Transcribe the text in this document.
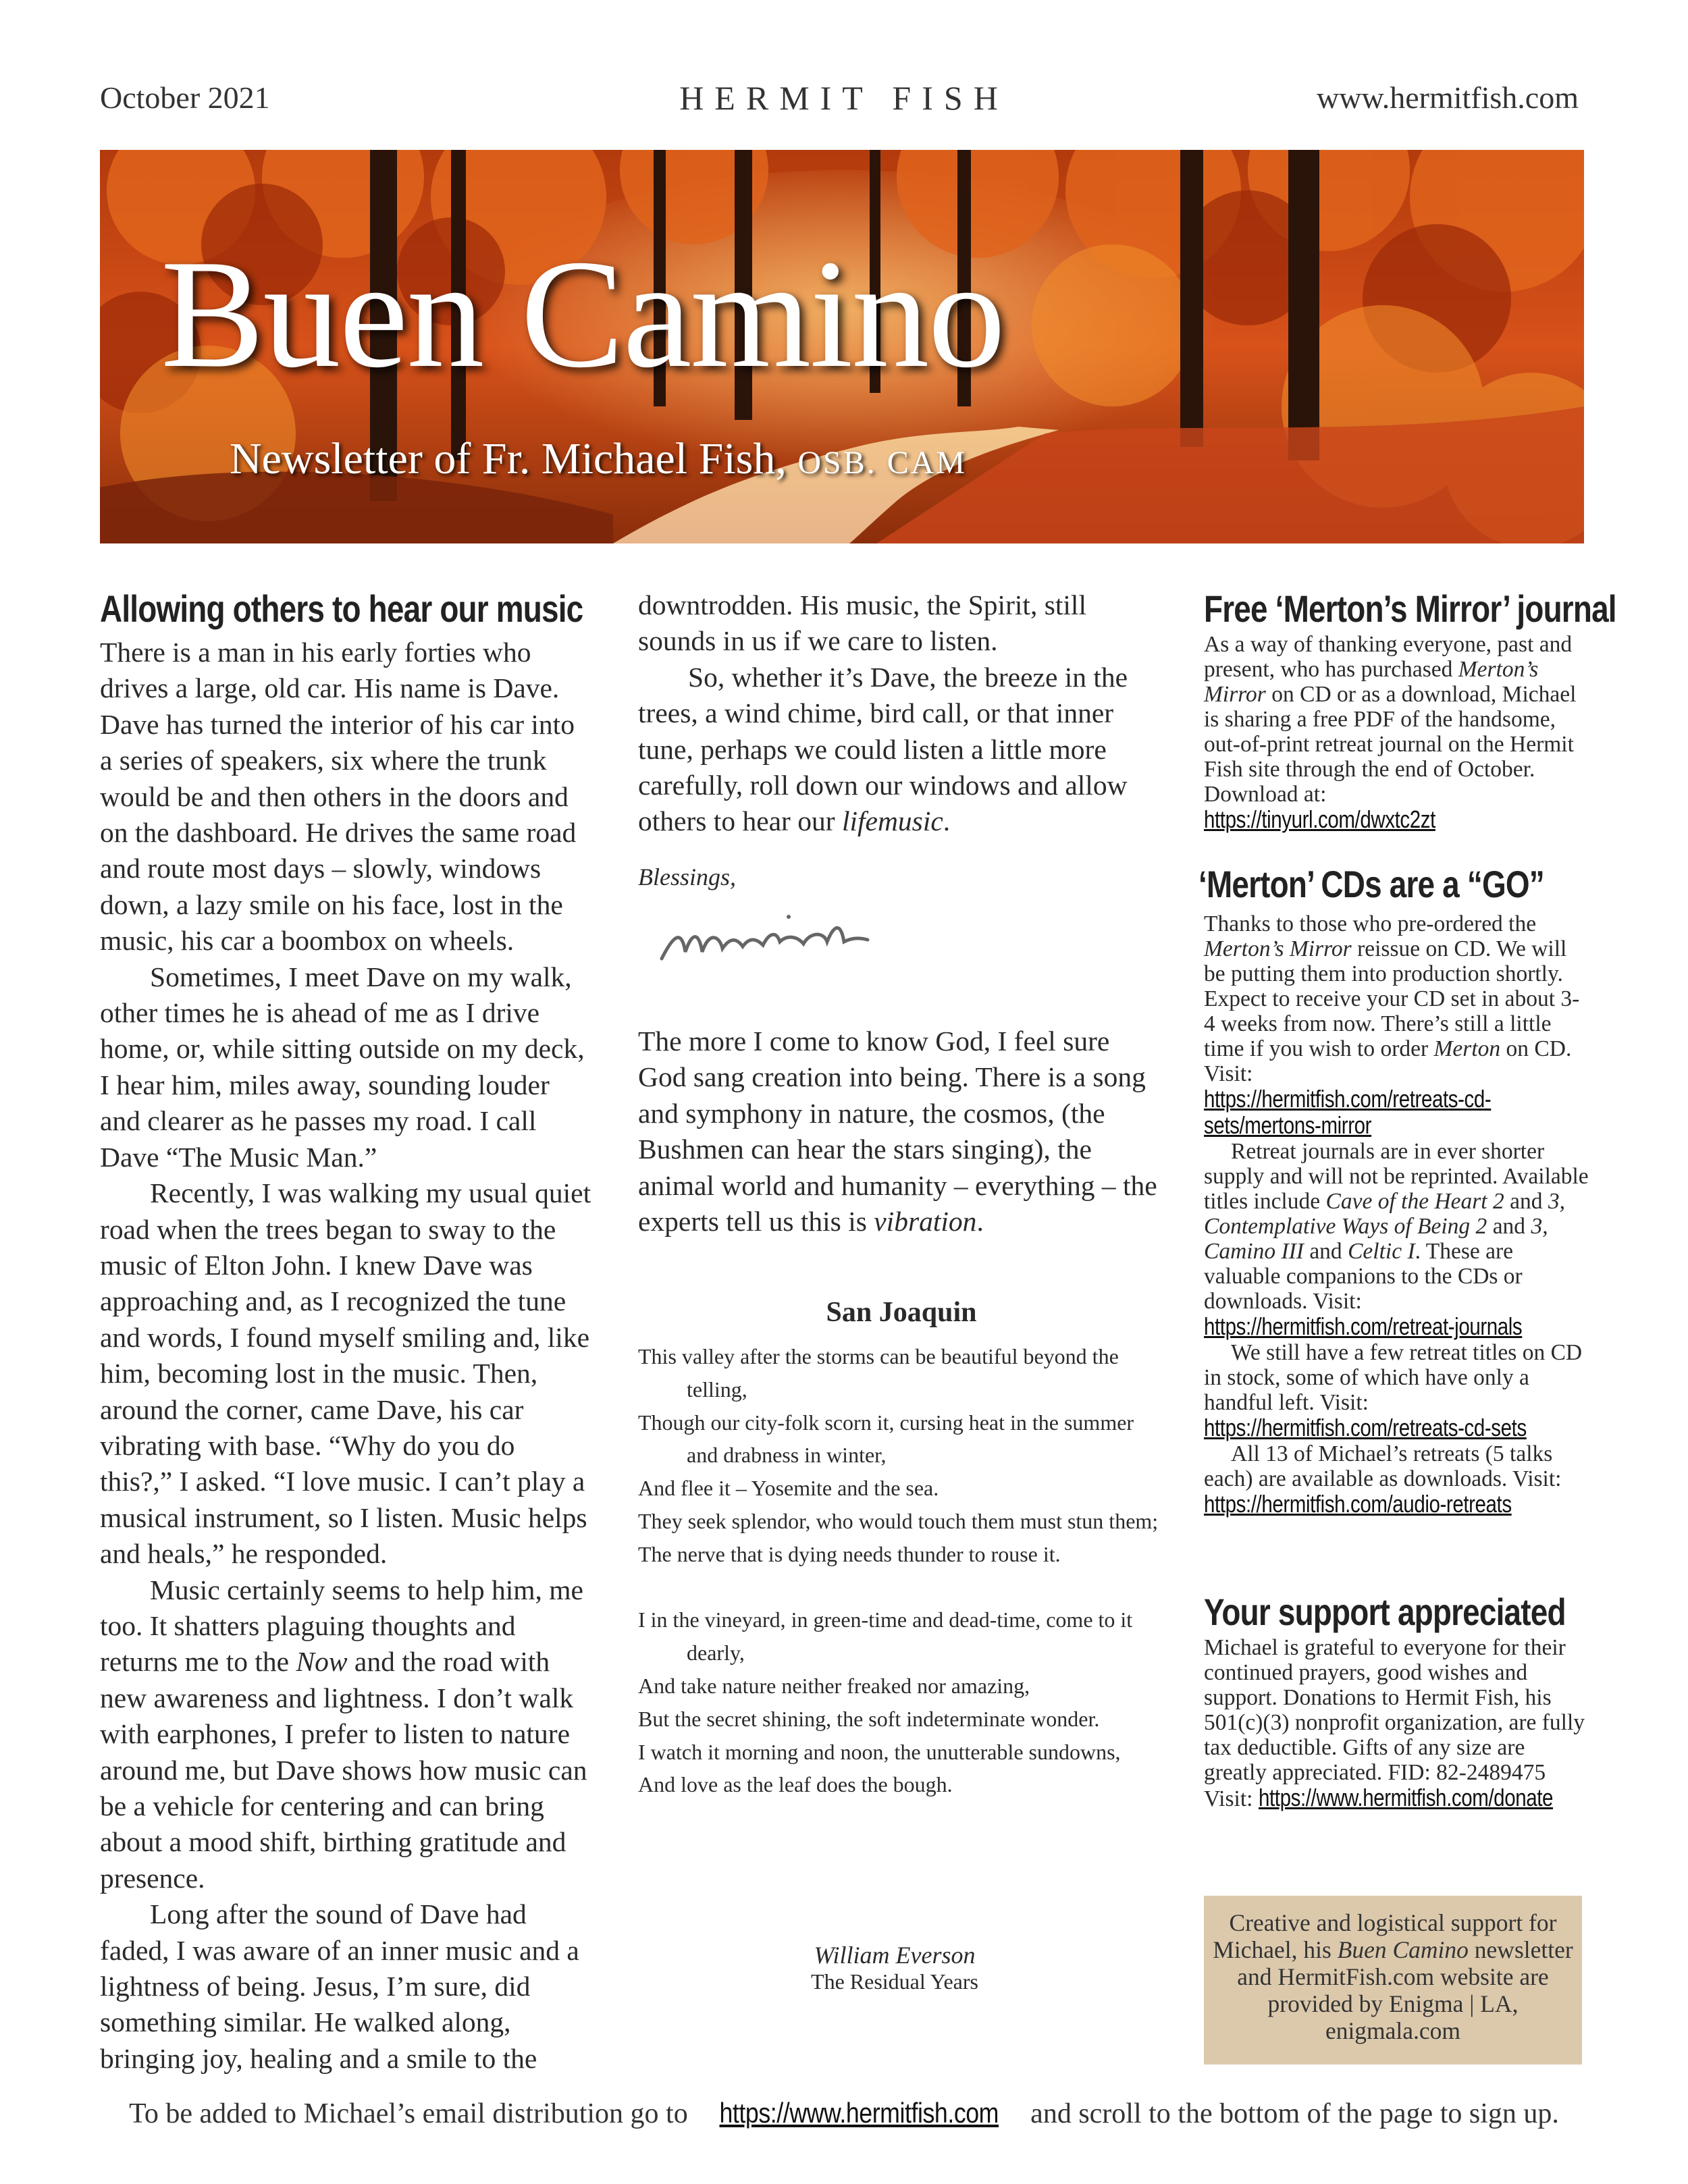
October 2021	HERMIT FISH	www.hermitfish.com
Buen Camino
Newsletter of Fr. Michael Fish, OSB. CAM
Allowing others to hear our music

There is a man in his early forties who drives a large, old car. His name is Dave. Dave has turned the interior of his car into a series of speakers, six where the trunk would be and then others in the doors and on the dashboard. He drives the same road and route most days – slowly, windows down, a lazy smile on his face, lost in the music, his car a boombox on wheels.

Sometimes, I meet Dave on my walk, other times he is ahead of me as I drive home, or, while sitting outside on my deck, I hear him, miles away, sounding louder and clearer as he passes my road. I call Dave “The Music Man.”

Recently, I was walking my usual quiet road when the trees began to sway to the music of Elton John. I knew Dave was approaching and, as I recognized the tune and words, I found myself smiling and, like him, becoming lost in the music. Then, around the corner, came Dave, his car vibrating with base. “Why do you do this?,” I asked. “I love music. I can’t play a musical instrument, so I listen. Music helps and heals,” he responded.

Music certainly seems to help him, me too. It shatters plaguing thoughts and returns me to the Now and the road with new awareness and lightness. I don’t walk with earphones, I prefer to listen to nature around me, but Dave shows how music can be a vehicle for centering and can bring about a mood shift, birthing gratitude and presence.

Long after the sound of Dave had faded, I was aware of an inner music and a lightness of being. Jesus, I’m sure, did something similar. He walked along, bringing joy, healing and a smile to the

downtrodden. His music, the Spirit, still sounds in us if we care to listen.

So, whether it’s Dave, the breeze in the trees, a wind chime, bird call, or that inner tune, perhaps we could listen a little more carefully, roll down our windows and allow others to hear our lifemusic.

Blessings,
Michael

The more I come to know God, I feel sure God sang creation into being. There is a song and symphony in nature, the cosmos, (the Bushmen can hear the stars singing), the animal world and humanity – everything – the experts tell us this is vibration.

San Joaquin
This valley after the storms can be beautiful beyond the telling,
Though our city-folk scorn it, cursing heat in the summer and drabness in winter,
And flee it – Yosemite and the sea.
They seek splendor, who would touch them must stun them;
The nerve that is dying needs thunder to rouse it.
I in the vineyard, in green-time and dead-time, come to it dearly,
And take nature neither freaked nor amazing,
But the secret shining, the soft indeterminate wonder.
I watch it morning and noon, the unutterable sundowns,
And love as the leaf does the bough.
William Everson
The Residual Years
Free ‘Merton’s Mirror’ journal

As a way of thanking everyone, past and present, who has purchased Merton’s Mirror on CD or as a download, Michael is sharing a free PDF of the handsome, out-of-print retreat journal on the Hermit Fish site through the end of October. Download at:

https://tinyurl.com/dwxtc2zt

‘Merton’ CDs are a “GO”

Thanks to those who pre-ordered the Merton’s Mirror reissue on CD. We will be putting them into production shortly. Expect to receive your CD set in about 3-4 weeks from now. There’s still a little time if you wish to order Merton on CD. Visit:

https://hermitfish.com/retreats-cd-

sets/mertons-mirror

Retreat journals are in ever shorter supply and will not be reprinted. Available titles include Cave of the Heart 2 and 3, Contemplative Ways of Being 2 and 3, Camino III and Celtic I. These are valuable companions to the CDs or downloads. Visit:

https://hermitfish.com/retreat-journals

We still have a few retreat titles on CD in stock, some of which have only a handful left. Visit:

https://hermitfish.com/retreats-cd-sets

All 13 of Michael’s retreats (5 talks each) are available as downloads. Visit:

https://hermitfish.com/audio-retreats

Your support appreciated

Michael is grateful to everyone for their continued prayers, good wishes and support. Donations to Hermit Fish, his 501(c)(3) nonprofit organization, are fully tax deductible. Gifts of any size are greatly appreciated. FID: 82-2489475

Visit: https://www.hermitfish.com/donate

Creative and logistical support for Michael, his Buen Camino newsletter and HermitFish.com website are provided by Enigma | LA, enigmala.com
To be added to Michael’s email distribution go to https://www.hermitfish.com and scroll to the bottom of the page to sign up.
